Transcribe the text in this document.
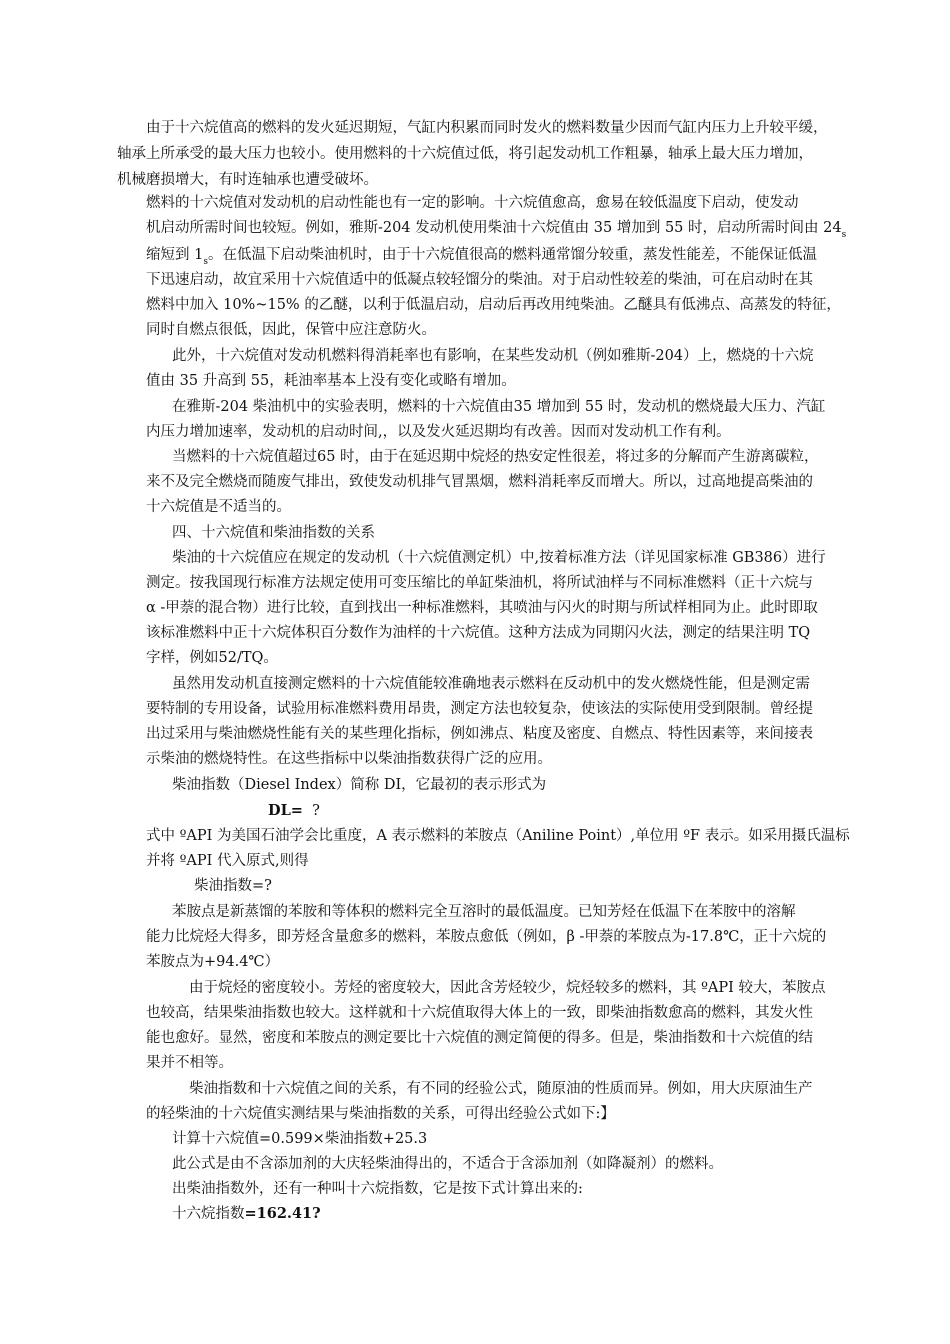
由于十六烷值高的燃料的发火延迟期短，气缸内积累而同时发火的燃料数量少因而气缸内压力上升较平缓，
轴承上所承受的最大压力也较小。使用燃料的十六烷值过低，将引起发动机工作粗暴，轴承上最大压力增加，
机械磨损增大，有时连轴承也遭受破坏。
燃料的十六烷值对发动机的启动性能也有一定的影响。十六烷值愈高，愈易在较低温度下启动，使发动
机启动所需时间也较短。例如，雅斯-204 发动机使用柴油十六烷值由 35 增加到 55 时，启动所需时间由 $24_s$
缩短到 $1_s$。在低温下启动柴油机时，由于十六烷值很高的燃料通常馏分较重，蒸发性能差，不能保证低温
下迅速启动，故宜采用十六烷值适中的低凝点较轻馏分的柴油。对于启动性较差的柴油，可在启动时在其
燃料中加入 10%~15% 的乙醚，以利于低温启动，启动后再改用纯柴油。乙醚具有低沸点、高蒸发的特征，
同时自燃点很低，因此，保管中应注意防火。
此外，十六烷值对发动机燃料得消耗率也有影响，在某些发动机（例如雅斯-204）上，燃烧的十六烷
值由 35 升高到 55，耗油率基本上没有变化或略有增加。
在雅斯-204 柴油机中的实验表明，燃料的十六烷值由35 增加到 55 时，发动机的燃烧最大压力、汽缸
内压力增加速率，发动机的启动时间,，以及发火延迟期均有改善。因而对发动机工作有利。
当燃料的十六烷值超过65 时，由于在延迟期中烷烃的热安定性很差，将过多的分解而产生游离碳粒，
来不及完全燃烧而随废气排出，致使发动机排气冒黑烟，燃料消耗率反而增大。所以，过高地提高柴油的
十六烷值是不适当的。
四、十六烷值和柴油指数的关系
柴油的十六烷值应在规定的发动机（十六烷值测定机）中,按着标准方法（详见国家标准 GB386）进行
测定。按我国现行标准方法规定使用可变压缩比的单缸柴油机，将所试油样与不同标准燃料（正十六烷与
α -甲萘的混合物）进行比较，直到找出一种标准燃料，其喷油与闪火的时期与所试样相同为止。此时即取
该标准燃料中正十六烷体积百分数作为油样的十六烷值。这种方法成为同期闪火法，测定的结果注明 TQ
字样，例如52/TQ。
虽然用发动机直接测定燃料的十六烷值能较准确地表示燃料在反动机中的发火燃烧性能，但是测定需
要特制的专用设备，试验用标准燃料费用昂贵，测定方法也较复杂，使该法的实际使用受到限制。曾经提
出过采用与柴油燃烧性能有关的某些理化指标，例如沸点、粘度及密度、自燃点、特性因素等，来间接表
示柴油的燃烧特性。在这些指标中以柴油指数获得广泛的应用。
柴油指数（Diesel Index）简称 DI，它最初的表示形式为
DL= ?
式中 ºAPI 为美国石油学会比重度，A 表示燃料的苯胺点（Aniline Point）,单位用 ºF 表示。如采用摄氏温标
并将 ºAPI 代入原式,则得
柴油指数=?
苯胺点是新蒸馏的苯胺和等体积的燃料完全互溶时的最低温度。已知芳烃在低温下在苯胺中的溶解
能力比烷烃大得多，即芳烃含量愈多的燃料，苯胺点愈低（例如，β -甲萘的苯胺点为-17.8℃，正十六烷的
苯胺点为+94.4℃）
由于烷烃的密度较小。芳烃的密度较大，因此含芳烃较少，烷烃较多的燃料，其 ºAPI 较大，苯胺点
也较高，结果柴油指数也较大。这样就和十六烷值取得大体上的一致，即柴油指数愈高的燃料，其发火性
能也愈好。显然，密度和苯胺点的测定要比十六烷值的测定简便的得多。但是，柴油指数和十六烷值的结
果并不相等。
柴油指数和十六烷值之间的关系，有不同的经验公式，随原油的性质而异。例如，用大庆原油生产
的轻柴油的十六烷值实测结果与柴油指数的关系，可得出经验公式如下:】
计算十六烷值=0.599×柴油指数+25.3
此公式是由不含添加剂的大庆轻柴油得出的，不适合于含添加剂（如降凝剂）的燃料。
出柴油指数外，还有一种叫十六烷指数，它是按下式计算出来的:
十六烷指数=162.41?
